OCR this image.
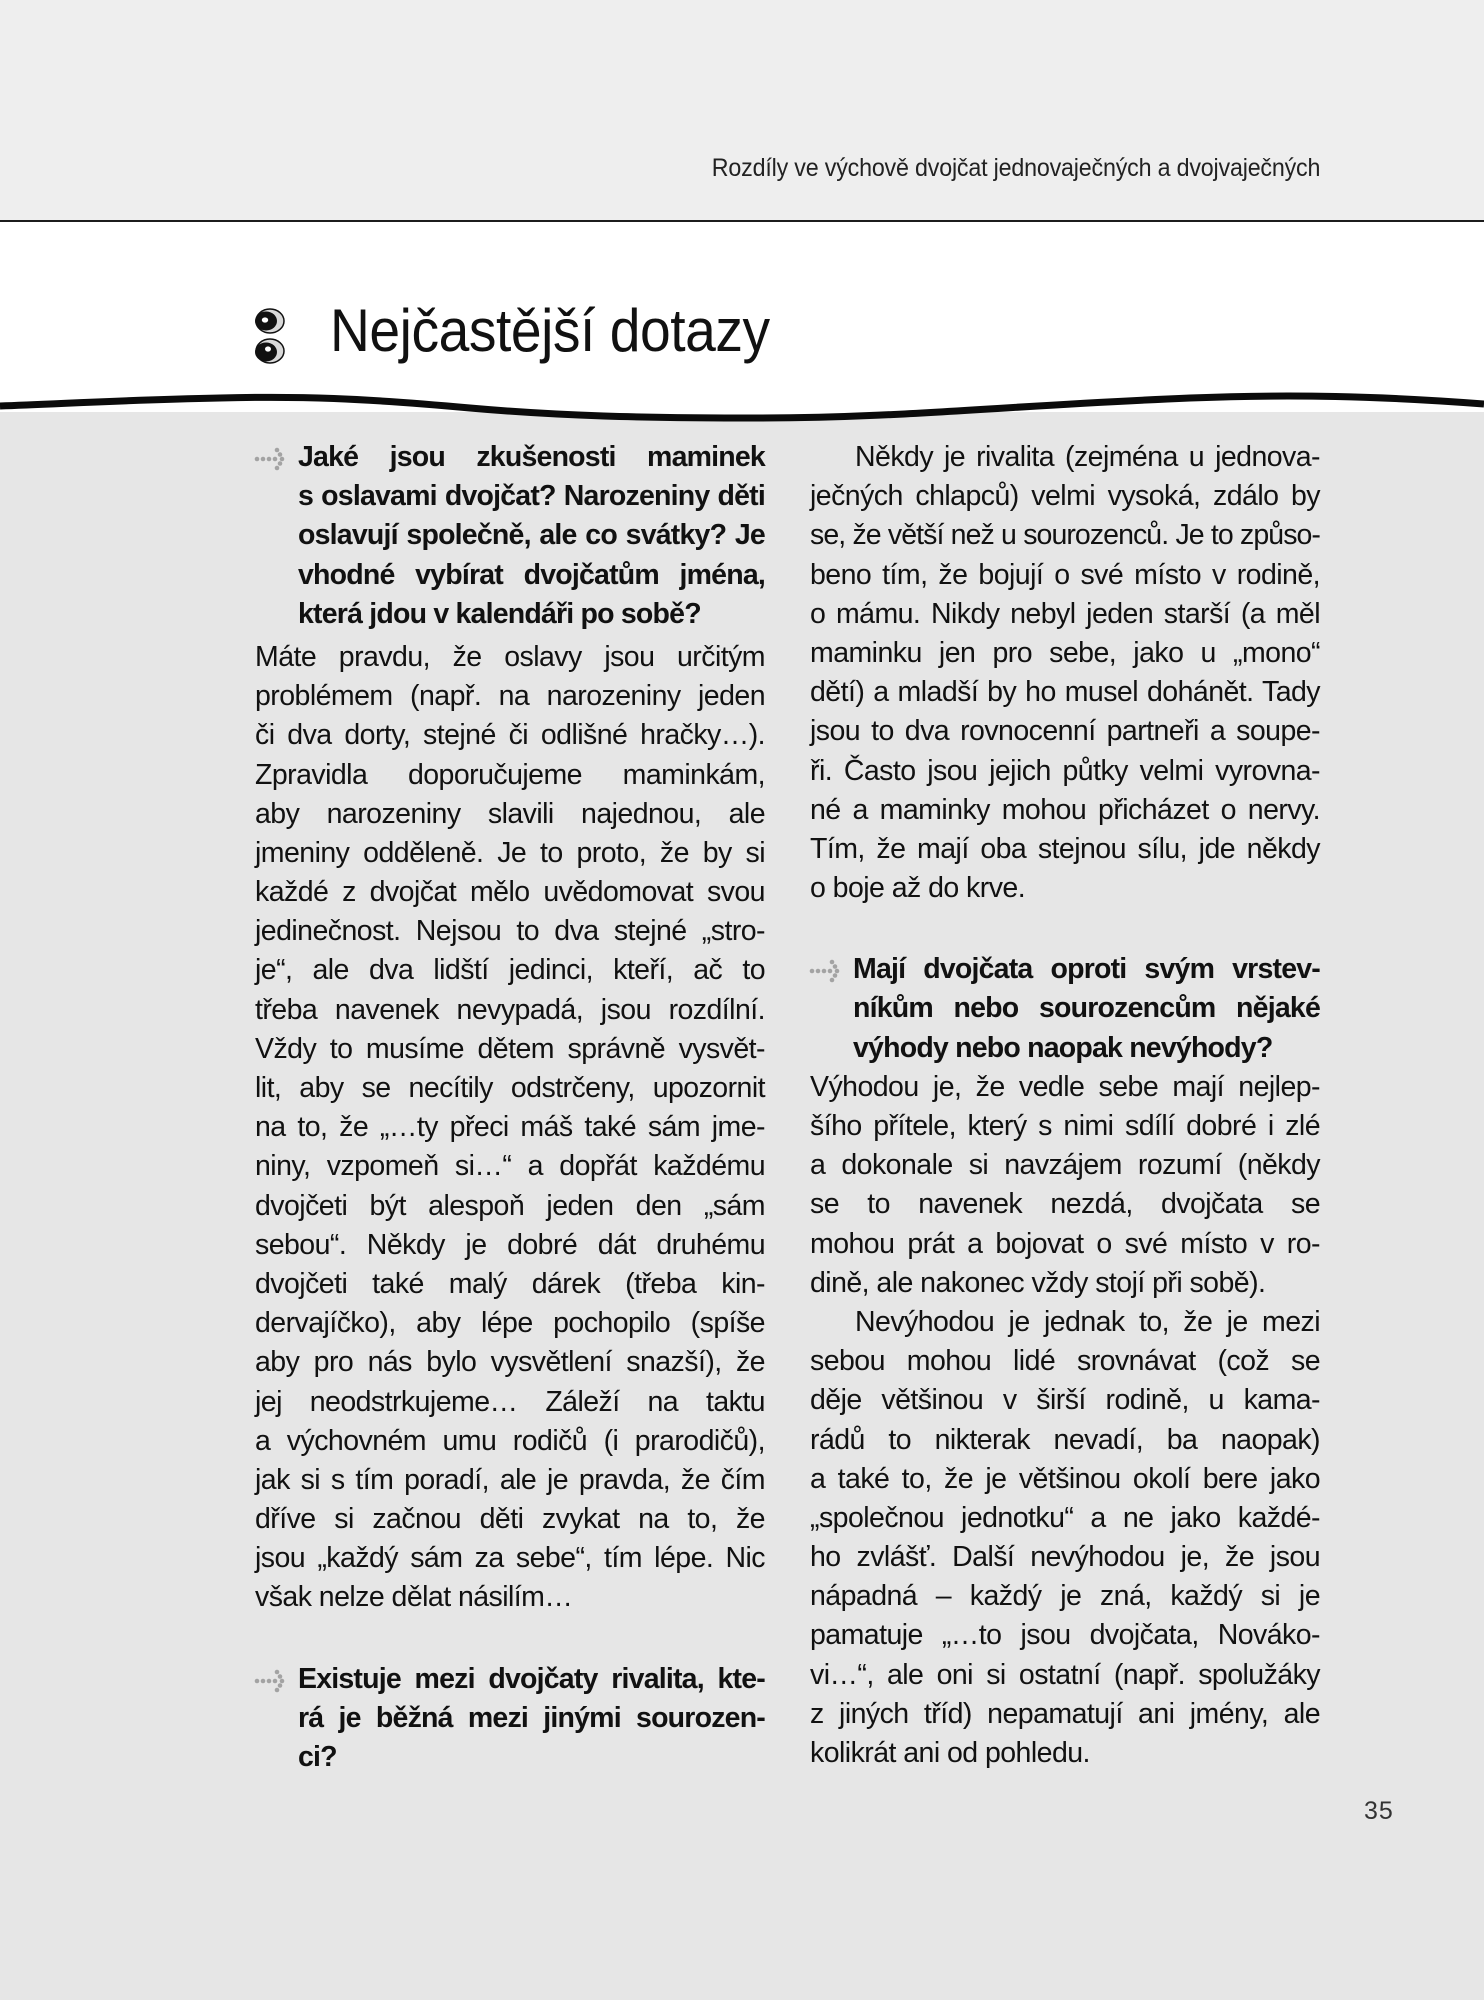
Rozdíly ve výchově dvojčat jednovaječných a dvojvaječných
Nejčastější dotazy
Jaké jsou zkušenosti maminek
s oslavami dvojčat? Narozeniny děti
oslavují společně, ale co svátky? Je
vhodné vybírat dvojčatům jména,
která jdou v kalendáři po sobě?
Máte pravdu, že oslavy jsou určitým
problémem (např. na narozeniny jeden
či dva dorty, stejné či odlišné hračky…).
Zpravidla doporučujeme maminkám,
aby narozeniny slavili najednou, ale
jmeniny odděleně. Je to proto, že by si
každé z dvojčat mělo uvědomovat svou
jedinečnost. Nejsou to dva stejné „stro-
je“, ale dva lidští jedinci, kteří, ač to
třeba navenek nevypadá, jsou rozdílní.
Vždy to musíme dětem správně vysvět-
lit, aby se necítily odstrčeny, upozornit
na to, že „…ty přeci máš také sám jme-
niny, vzpomeň si…“ a dopřát každému
dvojčeti být alespoň jeden den „sám
sebou“. Někdy je dobré dát druhému
dvojčeti také malý dárek (třeba kin-
dervajíčko), aby lépe pochopilo (spíše
aby pro nás bylo vysvětlení snazší), že
jej neodstrkujeme… Záleží na taktu
a výchovném umu rodičů (i prarodičů),
jak si s tím poradí, ale je pravda, že čím
dříve si začnou děti zvykat na to, že
jsou „každý sám za sebe“, tím lépe. Nic
však nelze dělat násilím…
Existuje mezi dvojčaty rivalita, kte-
rá je běžná mezi jinými sourozen-
ci?
Někdy je rivalita (zejména u jednova-
ječných chlapců) velmi vysoká, zdálo by
se, že větší než u sourozenců. Je to způso-
beno tím, že bojují o své místo v rodině,
o mámu. Nikdy nebyl jeden starší (a měl
maminku jen pro sebe, jako u „mono“
dětí) a mladší by ho musel dohánět. Tady
jsou to dva rovnocenní partneři a soupe-
ři. Často jsou jejich půtky velmi vyrovna-
né a maminky mohou přicházet o nervy.
Tím, že mají oba stejnou sílu, jde někdy
o boje až do krve.
Mají dvojčata oproti svým vrstev-
níkům nebo sourozencům nějaké
výhody nebo naopak nevýhody?
Výhodou je, že vedle sebe mají nejlep-
šího přítele, který s nimi sdílí dobré i zlé
a dokonale si navzájem rozumí (někdy
se to navenek nezdá, dvojčata se
mohou prát a bojovat o své místo v ro-
dině, ale nakonec vždy stojí při sobě).
Nevýhodou je jednak to, že je mezi
sebou mohou lidé srovnávat (což se
děje většinou v širší rodině, u kama-
rádů to nikterak nevadí, ba naopak)
a také to, že je většinou okolí bere jako
„společnou jednotku“ a ne jako každé-
ho zvlášť. Další nevýhodou je, že jsou
nápadná – každý je zná, každý si je
pamatuje „…to jsou dvojčata, Nováko-
vi…“, ale oni si ostatní (např. spolužáky
z jiných tříd) nepamatují ani jmény, ale
kolikrát ani od pohledu.
35
